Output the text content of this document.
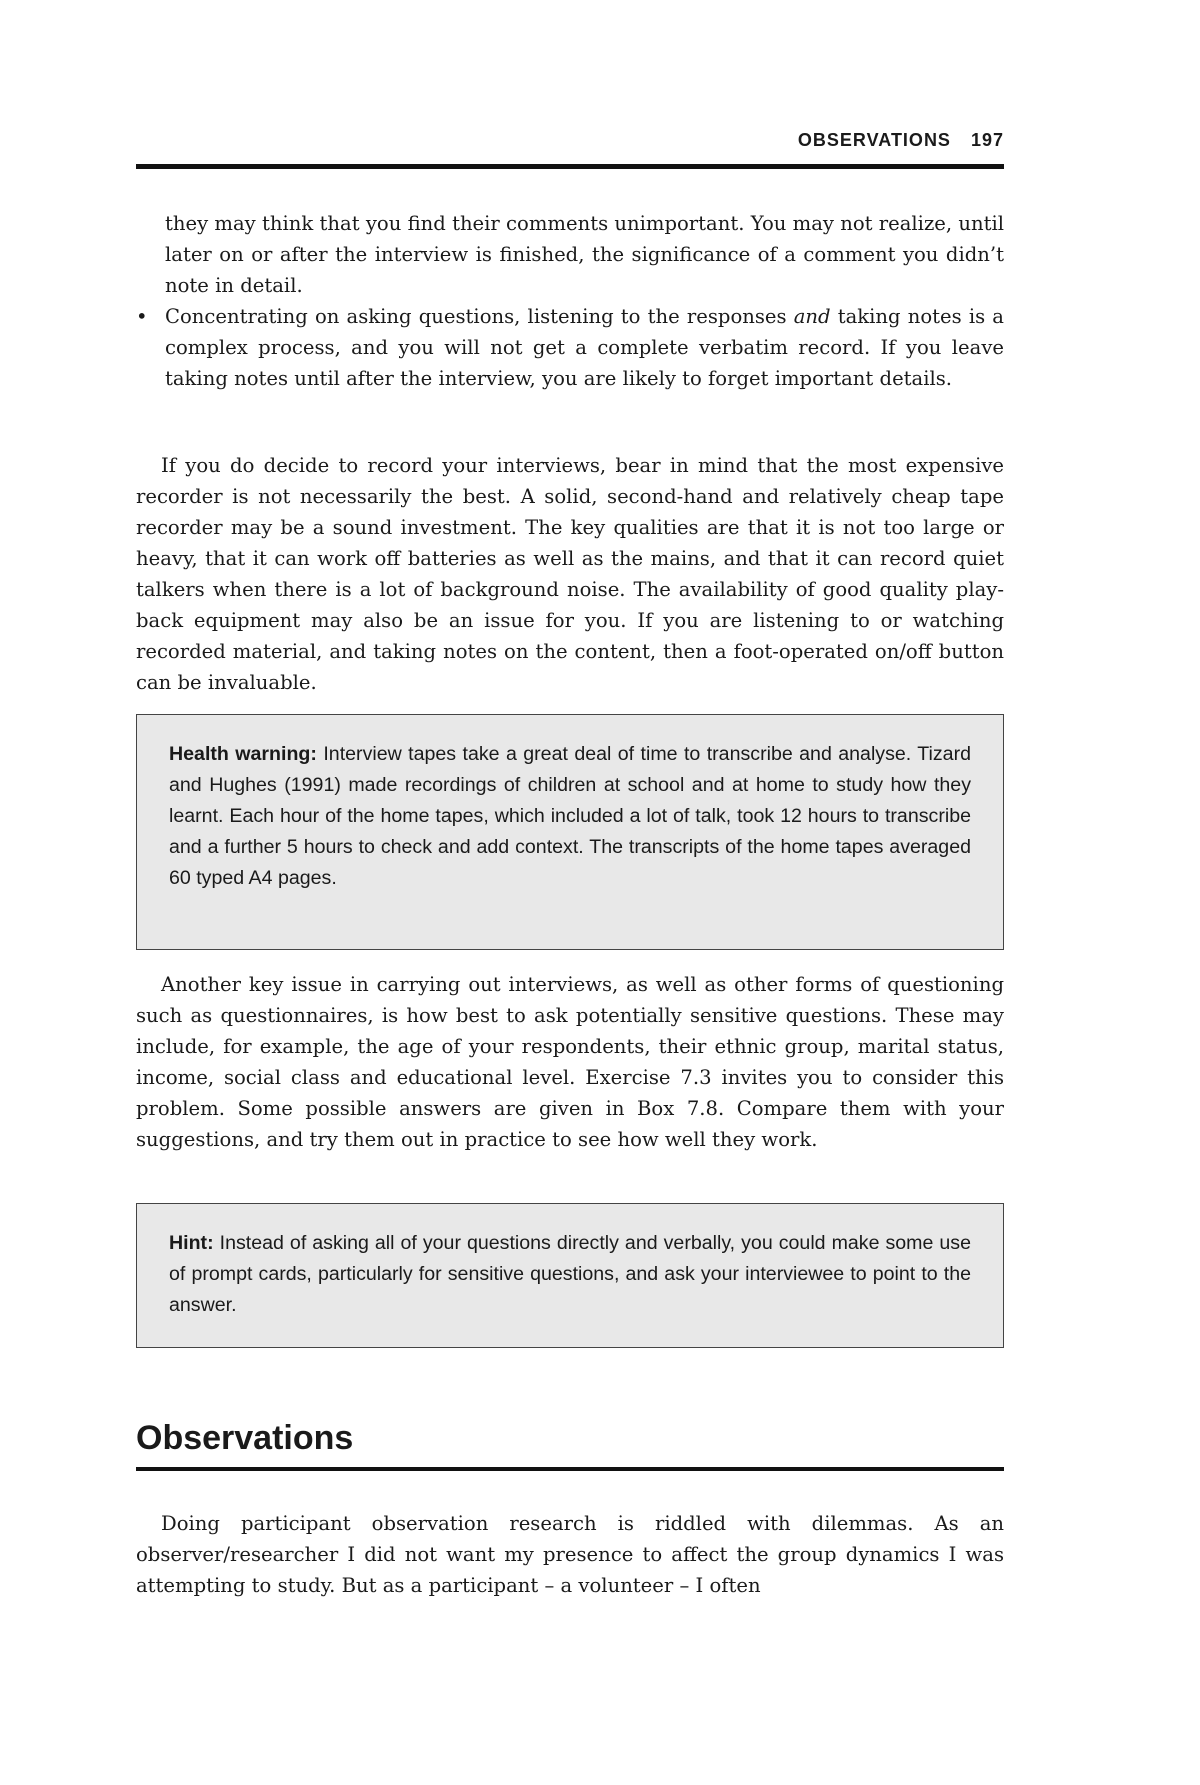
OBSERVATIONS 197

they may think that you find their comments unimportant. You may not realize, until later on or after the interview is finished, the significance of a comment you didn’t note in detail.

• Concentrating on asking questions, listening to the responses and taking notes is a complex process, and you will not get a complete verbatim record. If you leave taking notes until after the interview, you are likely to forget important details.

If you do decide to record your interviews, bear in mind that the most expensive recorder is not necessarily the best. A solid, second-hand and relatively cheap tape recorder may be a sound investment. The key qualities are that it is not too large or heavy, that it can work off batteries as well as the mains, and that it can record quiet talkers when there is a lot of background noise. The availability of good quality play-back equipment may also be an issue for you. If you are listening to or watching recorded material, and taking notes on the content, then a foot-operated on/off button can be invaluable.

Health warning: Interview tapes take a great deal of time to transcribe and analyse. Tizard and Hughes (1991) made recordings of children at school and at home to study how they learnt. Each hour of the home tapes, which included a lot of talk, took 12 hours to transcribe and a further 5 hours to check and add context. The transcripts of the home tapes averaged 60 typed A4 pages.

Another key issue in carrying out interviews, as well as other forms of questioning such as questionnaires, is how best to ask potentially sensitive questions. These may include, for example, the age of your respondents, their ethnic group, marital status, income, social class and educational level. Exercise 7.3 invites you to consider this problem. Some possible answers are given in Box 7.8. Compare them with your suggestions, and try them out in practice to see how well they work.

Hint: Instead of asking all of your questions directly and verbally, you could make some use of prompt cards, particularly for sensitive questions, and ask your interviewee to point to the answer.
Observations

Doing participant observation research is riddled with dilemmas. As an observer/researcher I did not want my presence to affect the group dynamics I was attempting to study. But as a participant – a volunteer – I often
